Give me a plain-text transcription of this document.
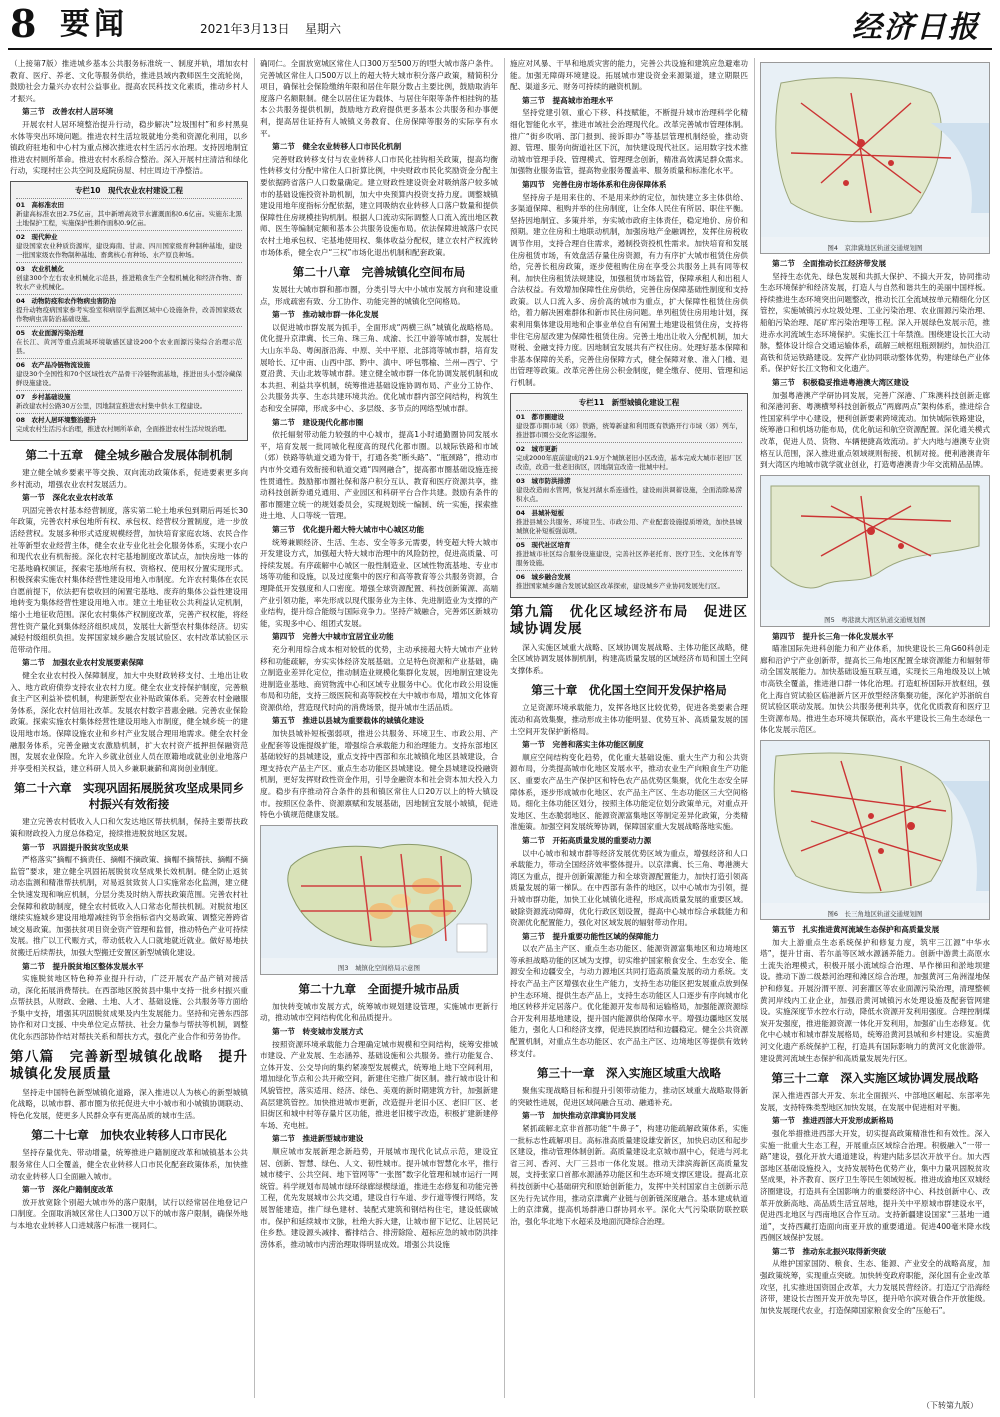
8 要闻	2021年3月13日 星期六	经济日报

（上接第7版）推进城乡基本公共服务标准统一、制度并轨，增加农村教育、医疗、养老、文化等服务供给，推进县域内教师医生交流轮岗，鼓励社会力量兴办农村公益事业。提高农民科技文化素质，推动乡村人才振兴。

第三节　改善农村人居环境

开展农村人居环境整治提升行动，稳步解决“垃圾围村”和乡村黑臭水体等突出环境问题。推进农村生活垃圾就地分类和资源化利用，以乡镇政府驻地和中心村为重点梯次推进农村生活污水治理。支持因地制宜推进农村厕所革命。推进农村水系综合整治。深入开展村庄清洁和绿化行动，实现村庄公共空间及庭院房屋、村庄周边干净整洁。

专栏10　现代农业农村建设工程
01　高标准农田
新建高标准农田2.75亿亩，其中新增高效节水灌溉面积0.6亿亩。实施东北黑土地保护工程，实施保护性耕作面积0.9亿亩。
02　现代种业
建设国家农业种质资源库，建设海南、甘肃、四川国家级育种制种基地，建设一批国家级农作物制种基地、畜禽核心育种场、水产原良种场。
03　农业机械化
创建300个左右农业机械化示范县，推进粮食生产全程机械化和经济作物、畜牧水产业机械化。
04　动物防疫和农作物病虫害防治
提升动物疫病国家参考实验室和病原学监测区域中心设施条件，改善国家级农作物病虫害防治基础设施。
05　农业面源污染治理
在长江、黄河等重点流域环境敏感区建设200个农业面源污染综合治理示范县。
06　农产品冷链物流设施
建设30个全国性和70个区域性农产品骨干冷链物流基地，推进田头小型冷藏保鲜设施建设。
07　乡村基础设施
新改建农村公路30万公里，因地制宜推进农村集中供水工程建设。
08　农村人居环境整治提升
完成农村生活污水治理，推进农村厕所革命，全面推进农村生活垃圾治理。
第二十五章　健全城乡融合发展体制机制

建立健全城乡要素平等交换、双向流动政策体系，促进要素更多向乡村流动，增强农业农村发展活力。

第一节　深化农业农村改革

巩固完善农村基本经营制度，落实第二轮土地承包到期后再延长30年政策，完善农村承包地所有权、承包权、经营权分置制度，进一步放活经营权。发展多种形式适度规模经营，加快培育家庭农场、农民合作社等新型农业经营主体，健全农业专业化社会化服务体系，实现小农户和现代农业有机衔接。深化农村宅基地制度改革试点，加快房地一体的宅基地确权颁证，探索宅基地所有权、资格权、使用权分置实现形式。积极探索实施农村集体经营性建设用地入市制度。允许农村集体在农民自愿前提下，依法把有偿收回的闲置宅基地、废弃的集体公益性建设用地转变为集体经营性建设用地入市。建立土地征收公共利益认定机制，缩小土地征收范围。深化农村集体产权制度改革，完善产权权能，将经营性资产量化到集体经济组织成员，发展壮大新型农村集体经济。切实减轻村级组织负担。发挥国家城乡融合发展试验区、农村改革试验区示范带动作用。

第二节　加强农业农村发展要素保障

健全农业农村投入保障制度，加大中央财政转移支付、土地出让收入、地方政府债券支持农业农村力度。健全农业支持保护制度，完善粮食主产区利益补偿机制，构建新型农业补贴政策体系。完善农村金融服务体系，深化农村信用社改革。发展农村数字普惠金融。完善农业保险政策。探索实施农村集体经营性建设用地入市制度，健全城乡统一的建设用地市场。保障设施农业和乡村产业发展合理用地需求。健全农村金融服务体系，完善金融支农激励机制，扩大农村资产抵押担保融资范围，发展农业保险。允许入乡就业创业人员在原籍地或就业创业地落户并享受相关权益，建立科研人员入乡兼职兼薪和离岗创业制度。

第二十六章　实现巩固拓展脱贫攻坚成果同乡村振兴有效衔接

建立完善农村低收入人口和欠发达地区帮扶机制，保持主要帮扶政策和财政投入力度总体稳定，接续推进脱贫地区发展。

第一节　巩固提升脱贫攻坚成果

严格落实“摘帽不摘责任、摘帽不摘政策、摘帽不摘帮扶、摘帽不摘监管”要求，建立健全巩固拓展脱贫攻坚成果长效机制。健全防止返贫动态监测和精准帮扶机制，对易返贫致贫人口实施常态化监测，建立健全快速发现和响应机制，分层分类及时纳入帮扶政策范围。完善农村社会保障和救助制度，健全农村低收入人口常态化帮扶机制。对脱贫地区继续实施城乡建设用地增减挂钩节余指标省内交易政策、调整完善跨省域交易政策。加强扶贫项目资金资产管理和监督，推动特色产业可持续发展。推广以工代赈方式，带动低收入人口就地就近就业。做好易地扶贫搬迁后续帮扶，加强大型搬迁安置区新型城镇化建设。

第二节　提升脱贫地区整体发展水平

实施脱贫地区特色种养业提升行动，广泛开展农产品产销对接活动，深化拓展消费帮扶。在西部地区脱贫县中集中支持一批乡村振兴重点帮扶县，从财政、金融、土地、人才、基础设施、公共服务等方面给予集中支持，增强其巩固脱贫成果及内生发展能力。坚持和完善东西部协作和对口支援、中央单位定点帮扶、社会力量参与帮扶等机制，调整优化东西部协作结对帮扶关系和帮扶方式，强化产业合作和劳务协作。

第八篇　完善新型城镇化战略　提升城镇化发展质量

坚持走中国特色新型城镇化道路，深入推进以人为核心的新型城镇化战略，以城市群、都市圈为依托促进大中小城市和小城镇协调联动、特色化发展，使更多人民群众享有更高品质的城市生活。

第二十七章　加快农业转移人口市民化

坚持存量优先、带动增量，统筹推进户籍制度改革和城镇基本公共服务常住人口全覆盖，健全农业转移人口市民化配套政策体系，加快推动农业转移人口全面融入城市。

第一节　深化户籍制度改革

放开放宽除个别超大城市外的落户限制，试行以经常居住地登记户口制度。全面取消城区常住人口300万以下的城市落户限制，确保外地与本地农业转移人口进城落户标准一视同仁。

确同仁。全面放宽城区常住人口300万至500万的Ⅰ型大城市落户条件。完善城区常住人口500万以上的超大特大城市积分落户政策，精简积分项目，确保社会保险缴纳年限和居住年限分数占主要比例，鼓励取消年度落户名额限制。健全以居住证为载体、与居住年限等条件相挂钩的基本公共服务提供机制，鼓励地方政府提供更多基本公共服务和办事便利，提高居住证持有人城镇义务教育、住房保障等服务的实际享有水平。

第二节　健全农业转移人口市民化机制

完善财政转移支付与农业转移人口市民化挂钩相关政策，提高均衡性转移支付分配中常住人口折算比例，中央财政市民化奖励资金分配主要依据跨省落户人口数量确定。建立财政性建设资金对吸纳落户较多城市的基础设施投资补助机制，加大中央预算内投资支持力度。调整城镇建设用地年度指标分配依据，建立同吸纳农业转移人口落户数量和提供保障性住房规模挂钩机制。根据人口流动实际调整人口流入流出地区教师、医生等编制定额和基本公共服务设施布局。依法保障进城落户农民农村土地承包权、宅基地使用权、集体收益分配权，建立农村产权流转市场体系，健全农户“三权”市场化退出机制和配套政策。

第二十八章　完善城镇化空间布局

发展壮大城市群和都市圈，分类引导大中小城市发展方向和建设重点，形成疏密有致、分工协作、功能完善的城镇化空间格局。

第一节　推动城市群一体化发展

以促进城市群发展为抓手，全面形成“两横三纵”城镇化战略格局。优化提升京津冀、长三角、珠三角、成渝、长江中游等城市群，发展壮大山东半岛、粤闽浙沿海、中原、关中平原、北部湾等城市群，培育发展哈长、辽中南、山西中部、黔中、滇中、呼包鄂榆、兰州—西宁、宁夏沿黄、天山北坡等城市群。建立健全城市群一体化协调发展机制和成本共担、利益共享机制，统筹推进基础设施协调布局、产业分工协作、公共服务共享、生态共建环境共治。优化城市群内部空间结构，构筑生态和安全屏障，形成多中心、多层级、多节点的网络型城市群。

第二节　建设现代化都市圈

依托辐射带动能力较强的中心城市，提高1小时通勤圈协同发展水平，培育发展一批同城化程度高的现代化都市圈。以城际铁路和市域（郊）铁路等轨道交通为骨干，打通各类“断头路”、“瓶颈路”，推动市内市外交通有效衔接和轨道交通“四网融合”，提高都市圈基础设施连接性贯通性。鼓励都市圈社保和落户积分互认、教育和医疗资源共享，推动科技创新券通兑通用、产业园区和科研平台合作共建。鼓励有条件的都市圈建立统一的规划委员会，实现规划统一编制、统一实施，探索推进土地、人口等统一管理。

第三节　优化提升超大特大城市中心城区功能

统筹兼顾经济、生活、生态、安全等多元需要，转变超大特大城市开发建设方式，加强超大特大城市治理中的风险防控，促进高质量、可持续发展。有序疏解中心城区一般性制造业、区域性物流基地、专业市场等功能和设施，以及过度集中的医疗和高等教育等公共服务资源，合理降低开发强度和人口密度。增强全球资源配置、科技创新策源、高端产业引领功能，率先形成以现代服务业为主体、先进制造业为支撑的产业结构，提升综合能级与国际竞争力。坚持产城融合，完善郊区新城功能，实现多中心、组团式发展。

第四节　完善大中城市宜居宜业功能

充分利用综合成本相对较低的优势，主动承接超大特大城市产业转移和功能疏解，夯实实体经济发展基础。立足特色资源和产业基础，确立制造业差异化定位，推动制造业规模化集群化发展，因地制宜建设先进制造业基地、商贸物流中心和区域专业服务中心。优化市政公用设施布局和功能，支持三级医院和高等院校在大中城市布局，增加文化体育资源供给，营造现代时尚的消费场景，提升城市生活品质。

第五节　推进以县城为重要载体的城镇化建设

加快县城补短板强弱项，推进公共服务、环境卫生、市政公用、产业配套等设施提级扩能，增强综合承载能力和治理能力。支持东部地区基础较好的县城建设，重点支持中西部和东北城镇化地区县城建设，合理支持农产品主产区、重点生态功能区县城建设。健全县城建设投融资机制，更好发挥财政性资金作用，引导金融资本和社会资本加大投入力度。稳步有序推动符合条件的县和镇区常住人口20万以上的特大镇设市。按照区位条件、资源禀赋和发展基础，因地制宜发展小城镇，促进特色小镇规范健康发展。

图3　城镇化空间格局示意图
第二十九章　全面提升城市品质

加快转变城市发展方式，统筹城市规划建设管理，实施城市更新行动，推动城市空间结构优化和品质提升。

第一节　转变城市发展方式

按照资源环境承载能力合理确定城市规模和空间结构，统筹安排城市建设、产业发展、生态涵养、基础设施和公共服务。推行功能复合、立体开发、公交导向的集约紧凑型发展模式，统筹地上地下空间利用，增加绿化节点和公共开敞空间，新建住宅推广街区制。推行城市设计和风貌管控，落实适用、经济、绿色、美观的新时期建筑方针，加强新建高层建筑管控。加快推进城市更新，改造提升老旧小区、老旧厂区、老旧街区和城中村等存量片区功能，推进老旧楼宇改造，积极扩建新建停车场、充电桩。

第二节　推进新型城市建设

顺应城市发展新理念新趋势，开展城市现代化试点示范，建设宜居、创新、智慧、绿色、人文、韧性城市。提升城市智慧化水平，推行城市楼宇、公共空间、地下管网等“一张图”数字化管理和城市运行一网统管。科学规划布局城市绿环绿廊绿楔绿道，推进生态修复和功能完善工程，优先发展城市公共交通，建设自行车道、步行道等慢行网络，发展智能建造，推广绿色建材、装配式建筑和钢结构住宅，建设低碳城市。保护和延续城市文脉，杜绝大拆大建，让城市留下记忆、让居民记住乡愁。建设源头减排、蓄排结合、排涝除险、超标应急的城市防洪排涝体系，推动城市内涝治理取得明显成效。增强公共设施

施应对风暴、干旱和地质灾害的能力，完善公共设施和建筑应急避难功能。加强无障碍环境建设。拓展城市建设资金来源渠道，建立期限匹配、渠道多元、财务可持续的融资机制。

第三节　提高城市治理水平

坚持党建引领、重心下移、科技赋能，不断提升城市治理科学化精细化智能化水平，推进市域社会治理现代化。改革完善城市管理体制。推广“街乡吹哨、部门报到、接诉即办”等基层管理机制经验，推动资源、管理、服务向街道社区下沉，加快建设现代社区。运用数字技术推动城市管理手段、管理模式、管理理念创新，精准高效满足群众需求。加强物业服务监管，提高物业服务覆盖率、服务质量和标准化水平。

第四节　完善住房市场体系和住房保障体系

坚持房子是用来住的、不是用来炒的定位，加快建立多主体供给、多渠道保障、租购并举的住房制度，让全体人民住有所居、职住平衡。坚持因地制宜、多策并举，夯实城市政府主体责任，稳定地价、房价和预期。建立住房和土地联动机制，加强房地产金融调控，发挥住房税收调节作用，支持合理自住需求，遏制投资投机性需求。加快培育和发展住房租赁市场，有效盘活存量住房资源，有力有序扩大城市租赁住房供给，完善长租房政策，逐步使租购住房在享受公共服务上具有同等权利。加快住房租赁法规建设，加强租赁市场监管，保障承租人和出租人合法权益。有效增加保障性住房供给，完善住房保障基础性制度和支持政策。以人口流入多、房价高的城市为重点，扩大保障性租赁住房供给，着力解决困难群体和新市民住房问题。单列租赁住房用地计划，探索利用集体建设用地和企事业单位自有闲置土地建设租赁住房，支持将非住宅房屋改建为保障性租赁住房。完善土地出让收入分配机制，加大财税、金融支持力度。因地制宜发展共有产权住房。处理好基本保障和非基本保障的关系，完善住房保障方式，健全保障对象、准入门槛、退出管理等政策。改革完善住房公积金制度，健全缴存、使用、管理和运行机制。

专栏11　新型城镇化建设工程
01　都市圈建设
建设都市圈市域（郊）铁路，统筹新建和利用既有铁路开行市域（郊）列车，推进都市圈公交化客运服务。
02　城市更新
完成2000年底前建成的21.9万个城镇老旧小区改造，基本完成大城市老旧厂区改造，改造一批老旧街区，因地制宜改造一批城中村。
03　城市防洪排涝
建设改造雨水管网，恢复河湖水系连通性，建设雨洪调蓄设施，全面消除易涝积水点。
04　县城补短板
推进县城公共服务、环境卫生、市政公用、产业配套设施提质增效，加快县城城镇化补短板强弱项。
05　现代社区培育
推进城市社区综合服务设施建设，完善社区养老托育、医疗卫生、文化体育等服务设施。
06　城乡融合发展
推进国家城乡融合发展试验区改革探索，建设城乡产业协同发展先行区。
第九篇　优化区域经济布局　促进区域协调发展

深入实施区域重大战略、区域协调发展战略、主体功能区战略，健全区域协调发展体制机制，构建高质量发展的区域经济布局和国土空间支撑体系。

第三十章　优化国土空间开发保护格局

立足资源环境承载能力，发挥各地区比较优势，促进各类要素合理流动和高效集聚，推动形成主体功能明显、优势互补、高质量发展的国土空间开发保护新格局。

第一节　完善和落实主体功能区制度

顺应空间结构变化趋势，优化重大基础设施、重大生产力和公共资源布局，分类提高城市化地区发展水平，推动农业生产向粮食生产功能区、重要农产品生产保护区和特色农产品优势区集聚，优化生态安全屏障体系，逐步形成城市化地区、农产品主产区、生态功能区三大空间格局。细化主体功能区划分，按照主体功能定位划分政策单元，对重点开发地区、生态脆弱地区、能源资源富集地区等制定差异化政策，分类精准施策。加强空间发展统筹协调，保障国家重大发展战略落地实施。

第二节　开拓高质量发展的重要动力源

以中心城市和城市群等经济发展优势区域为重点，增强经济和人口承载能力，带动全国经济效率整体提升。以京津冀、长三角、粤港澳大湾区为重点，提升创新策源能力和全球资源配置能力，加快打造引领高质量发展的第一梯队。在中西部有条件的地区，以中心城市为引领，提升城市群功能，加快工业化城镇化进程，形成高质量发展的重要区域。破除资源流动障碍，优化行政区划设置，提高中心城市综合承载能力和资源优化配置能力，强化对区域发展的辐射带动作用。

第三节　提升重要功能性区域的保障能力

以农产品主产区、重点生态功能区、能源资源富集地区和边境地区等承担战略功能的区域为支撑，切实维护国家粮食安全、生态安全、能源安全和边疆安全，与动力源地区共同打造高质量发展的动力系统。支持农产品主产区增强农业生产能力，支持生态功能区把发展重点放到保护生态环境、提供生态产品上，支持生态功能区人口逐步有序向城市化地区转移并定居落户。优化能源开发布局和运输格局，加强能源资源综合开发利用基地建设，提升国内能源供给保障水平。增强边疆地区发展能力，强化人口和经济支撑，促进民族团结和边疆稳定。健全公共资源配置机制，对重点生态功能区、农产品主产区、边境地区等提供有效转移支付。

第三十一章　深入实施区域重大战略

聚焦实现战略目标和提升引领带动能力，推动区域重大战略取得新的突破性进展，促进区域间融合互动、融通补充。

第一节　加快推动京津冀协同发展

紧抓疏解北京非首都功能“牛鼻子”，构建功能疏解政策体系，实施一批标志性疏解项目。高标准高质量建设雄安新区，加快启动区和起步区建设，推动管理体制创新。高质量建设北京城市副中心，促进与河北省三河、香河、大厂三县市一体化发展。推动天津滨海新区高质量发展，支持张家口首都水源涵养功能区和生态环境支撑区建设。提高北京科技创新中心基础研究和原始创新能力，发挥中关村国家自主创新示范区先行先试作用，推动京津冀产业链与创新链深度融合。基本建成轨道上的京津冀，提高机场群港口群协同水平。深化大气污染联防联控联治，强化华北地下水超采及地面沉降综合治理。

图4　京津冀地区轨道交通规划图
第二节　全面推动长江经济带发展

坚持生态优先、绿色发展和共抓大保护、不搞大开发，协同推动生态环境保护和经济发展，打造人与自然和谐共生的美丽中国样板。持续推进生态环境突出问题整改，推动长江全流域按单元精细化分区管控，实施城镇污水垃圾处理、工业污染治理、农业面源污染治理、船舶污染治理、尾矿库污染治理等工程。深入开展绿色发展示范，推进赤水河流域生态环境保护。实施长江十年禁渔。围绕建设长江大动脉，整体设计综合交通运输体系，疏解三峡枢纽瓶颈制约，加快沿江高铁和货运铁路建设。发挥产业协同联动整体优势，构建绿色产业体系。保护好长江文物和文化遗产。

第三节　积极稳妥推进粤港澳大湾区建设

加强粤港澳产学研协同发展，完善广深港、广珠澳科技创新走廊和深港河套、粤澳横琴科技创新极点“两廊两点”架构体系，推进综合性国家科学中心建设，便利创新要素跨境流动。加快城际铁路建设，统筹港口和机场功能布局，优化航运和航空资源配置。深化通关模式改革，促进人员、货物、车辆便捷高效流动。扩大内地与港澳专业资格互认范围，深入推进重点领域规则衔接、机制对接。便利港澳青年到大湾区内地城市就学就业创业，打造粤港澳青少年交流精品品牌。

图5　粤港澳大湾区轨道交通规划图
第四节　提升长三角一体化发展水平

瞄准国际先进科创能力和产业体系，加快建设长三角G60科创走廊和沿沪宁产业创新带，提高长三角地区配置全球资源能力和辐射带动全国发展能力。加快基础设施互联互通，实现长三角地级及以上城市高铁全覆盖，推进港口群一体化治理。打造虹桥国际开放枢纽，强化上海自贸试验区临港新片区开放型经济集聚功能，深化沪苏浙皖自贸试验区联动发展。加快公共服务便利共享，优化优质教育和医疗卫生资源布局。推进生态环境共保联治，高水平建设长三角生态绿色一体化发展示范区。

图6　长三角地区轨道交通规划图
第五节　扎实推进黄河流域生态保护和高质量发展

加大上游重点生态系统保护和修复力度，筑牢三江源“中华水塔”，提升甘南、若尔盖等区域水源涵养能力。创新中游黄土高原水土流失治理模式，积极开展小流域综合治理、旱作梯田和淤地坝建设。推动下游二级悬河治理和滩区综合治理，加强黄河三角洲湿地保护和修复。开展汾渭平原、河套灌区等农业面源污染治理，清理整顿黄河岸线内工业企业，加强沿黄河城镇污水处理设施及配套管网建设。实施深度节水控水行动，降低水资源开发利用强度。合理控制煤炭开发强度，推进能源资源一体化开发利用，加强矿山生态修复。优化中心城市和城市群发展格局，统筹沿黄河县城和乡村建设。实施黄河文化遗产系统保护工程，打造具有国际影响力的黄河文化旅游带。建设黄河流域生态保护和高质量发展先行区。

第三十二章　深入实施区域协调发展战略

深入推进西部大开发、东北全面振兴、中部地区崛起、东部率先发展，支持特殊类型地区加快发展，在发展中促进相对平衡。

第一节　推进西部大开发形成新格局

强化举措推进西部大开发，切实提高政策精准性和有效性。深入实施一批重大生态工程，开展重点区域综合治理。积极融入“一带一路”建设，强化开放大通道建设，构建内陆多层次开放平台。加大西部地区基础设施投入，支持发展特色优势产业，集中力量巩固脱贫攻坚成果，补齐教育、医疗卫生等民生领域短板。推进成渝地区双城经济圈建设，打造具有全国影响力的重要经济中心、科技创新中心、改革开放新高地、高品质生活宜居地，提升关中平原城市群建设水平，促进西北地区与西南地区合作互动。支持新疆建设国家“三基地一通道”，支持西藏打造面向南亚开放的重要通道。促进400毫米降水线西侧区域保护发展。

第二节　推动东北振兴取得新突破

从维护国家国防、粮食、生态、能源、产业安全的战略高度，加强政策统筹，实现重点突破。加快转变政府职能，深化国有企业改革攻坚，扎实推进国资国企改革，大力发展民营经济。打造辽宁沿海经济带，建设长吉图开发开放先导区，提升哈尔滨对俄合作开放能级。加快发展现代农业，打造保障国家粮食安全的“压舱石”。

（下转第九版）
